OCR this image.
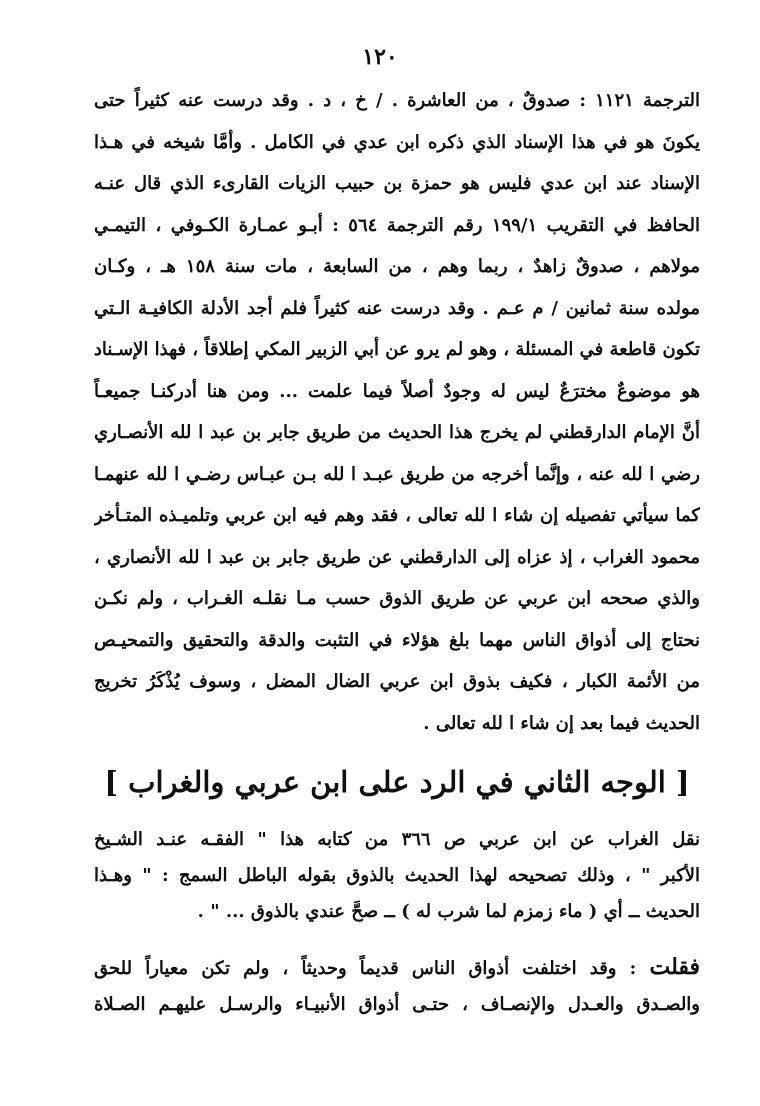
١٢٠
الترجمة ١١٢١ : صدوقٌ ، من العاشرة . / خ ، د . وقد درست عنه كثيراً حتى
يكونَ هو في هذا الإسناد الذي ذكره ابن عدي في الكامل . وأمَّا شيخه في هـذا
الإسناد عند ابن عدي فليس هو حمزة بن حبيب الزيات القارىء الذي قال عنـه
الحافظ في التقريب ١٩٩/١ رقم الترجمة ٥٦٤ : أبـو عمـارة الكـوفي ، التيمـي
مولاهم ، صدوقٌ زاهدٌ ، ربما وهم ، من السابعة ، مات سنة ١٥٨ هـ ، وكـان
مولده سنة ثمانين / م عـم . وقد درست عنه كثيراً فلم أجد الأدلة الكافيـة الـتي
تكون قاطعة في المسئلة ، وهو لم يرو عن أبي الزبير المكي إطلاقاً ، فهذا الإسـناد
هو موضوعٌ مخترَعٌ ليس له وجودٌ أصلاً فيما علمت ... ومن هنا أدركنـا جميعـاً
أنَّ الإمام الدارقطني لم يخرج هذا الحديث من طريق جابر بن عبد ا لله الأنصـاري
رضي ا لله عنه ، وإنَّما أخرجه من طريق عبـد ا لله بـن عبـاس رضـي ا لله عنهمـا
كما سيأتي تفصيله إن شاء ا لله تعالى ، فقد وهم فيه ابن عربي وتلميـذه المتـأخر
محمود الغراب ، إذ عزاه إلى الدارقطني عن طريق جابر بن عبد ا لله الأنصاري ،
والذي صححه ابن عربي عن طريق الذوق حسب مـا نقلـه الغـراب ، ولم نكـن
نحتاج إلى أذواق الناس مهما بلغ هؤلاء في التثبت والدقة والتحقيق والتمحيـص
من الأئمة الكبار ، فكيف بذوق ابن عربي الضال المضل ، وسوف يُذْكَرُ تخريج
الحديث فيما بعد إن شاء ا لله تعالى .
[ الوجه الثاني في الرد على ابن عربي والغراب ]
نقل الغراب عن ابن عربي ص ٣٦٦ من كتابه هذا " الفقـه عنـد الشـيخ
الأكبر " ، وذلك تصحيحه لهذا الحديث بالذوق بقوله الباطل السمج : " وهـذا
الحديث ــ أي ( ماء زمزم لما شرب له ) ــ صحَّ عندي بالذوق ... " .
فقلت : وقد اختلفت أذواق الناس قديماً وحديثاً ، ولم تكن معياراً للحق
والصـدق والعـدل والإنصـاف ، حتـى أذواق الأنبيـاء والرسـل عليهـم الصـلاة
